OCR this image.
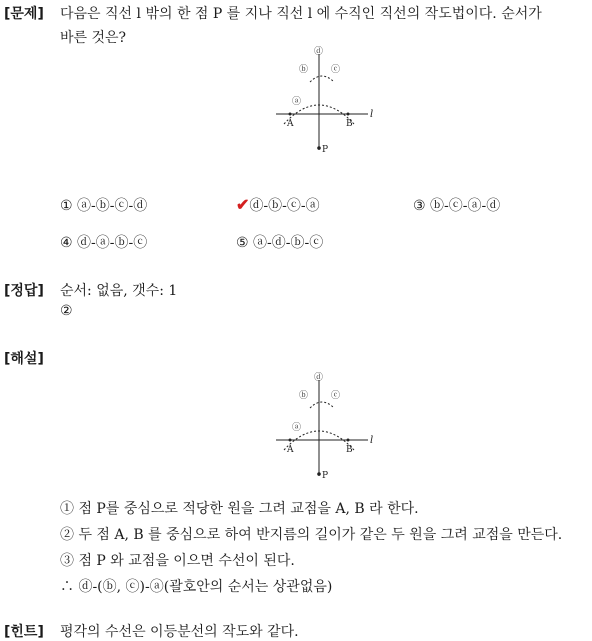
[문제] 다음은 직선 l 밖의 한 점 P 를 지나 직선 l 에 수직인 직선의 작도법이다. 순서가
바른 것은?
ⓓ
ⓑ	ⓒ
ⓐ
A	B
P
l
① ⓐ-ⓑ-ⓒ-ⓓ	✔ⓓ-ⓑ-ⓒ-ⓐ	③ ⓑ-ⓒ-ⓐ-ⓓ
④ ⓓ-ⓐ-ⓑ-ⓒ	⑤ ⓐ-ⓓ-ⓑ-ⓒ
[정답] 순서: 없음, 갯수: 1
②
[해설]
ⓓ
ⓑ	ⓒ
ⓐ
A	B
P
l
① 점 P를 중심으로 적당한 원을 그려 교점을 A, B 라 한다.
② 두 점 A, B 를 중심으로 하여 반지름의 길이가 같은 두 원을 그려 교점을 만든다.
③ 점 P 와 교점을 이으면 수선이 된다.
∴ ⓓ-(ⓑ, ⓒ)-ⓐ(괄호안의 순서는 상관없음)
[힌트] 평각의 수선은 이등분선의 작도와 같다.
